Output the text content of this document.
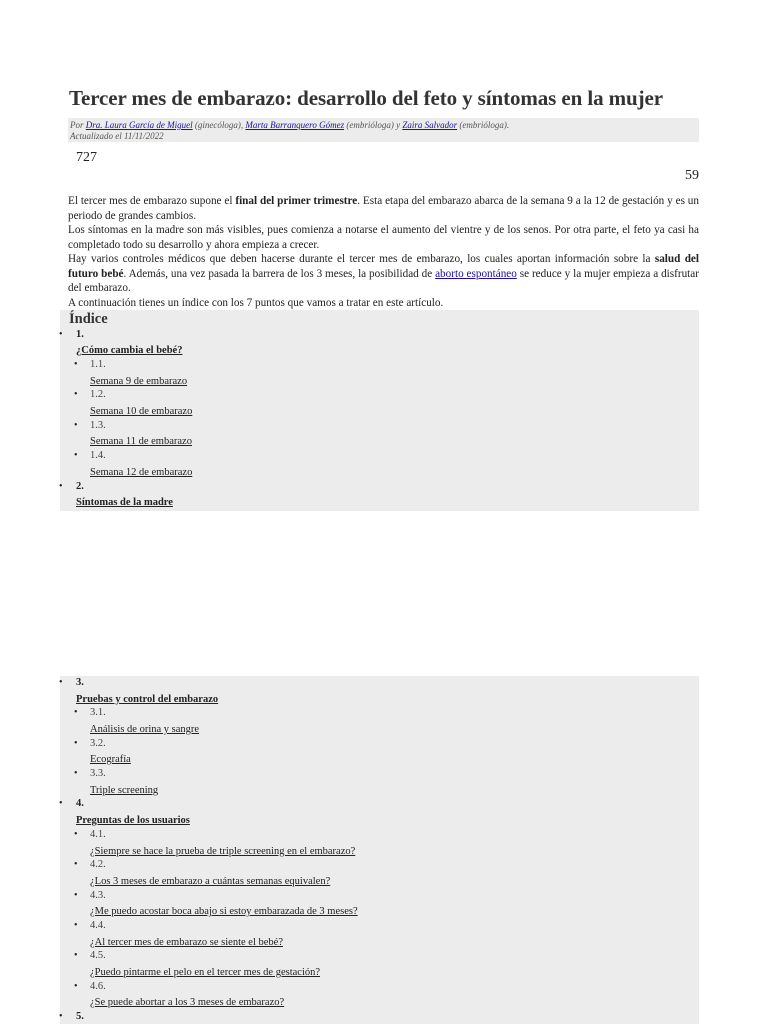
Tercer mes de embarazo: desarrollo del feto y síntomas en la mujer
Por Dra. Laura García de Miguel (ginecóloga), Marta Barranquero Gómez (embrióloga) y Zaira Salvador (embrióloga).
Actualizado el 11/11/2022
727
59

El tercer mes de embarazo supone el final del primer trimestre. Esta etapa del embarazo abarca de la semana 9 a la 12 de gestación y es un periodo de grandes cambios.

Los síntomas en la madre son más visibles, pues comienza a notarse el aumento del vientre y de los senos. Por otra parte, el feto ya casi ha completado todo su desarrollo y ahora empieza a crecer.

Hay varios controles médicos que deben hacerse durante el tercer mes de embarazo, los cuales aportan información sobre la salud del futuro bebé. Además, una vez pasada la barrera de los 3 meses, la posibilidad de aborto espontáneo se reduce y la mujer empieza a disfrutar del embarazo.

A continuación tienes un índice con los 7 puntos que vamos a tratar en este artículo.

Índice
• 1.
¿Cómo cambia el bebé?
• 1.1.
Semana 9 de embarazo
• 1.2.
Semana 10 de embarazo
• 1.3.
Semana 11 de embarazo
• 1.4.
Semana 12 de embarazo
• 2.
Síntomas de la madre
• 3.
Pruebas y control del embarazo
• 3.1.
Análisis de orina y sangre
• 3.2.
Ecografía
• 3.3.
Triple screening
• 4.
Preguntas de los usuarios
• 4.1.
¿Siempre se hace la prueba de triple screening en el embarazo?
• 4.2.
¿Los 3 meses de embarazo a cuántas semanas equivalen?
• 4.3.
¿Me puedo acostar boca abajo si estoy embarazada de 3 meses?
• 4.4.
¿Al tercer mes de embarazo se siente el bebé?
• 4.5.
¿Puedo pintarme el pelo en el tercer mes de gestación?
• 4.6.
¿Se puede abortar a los 3 meses de embarazo?
• 5.
